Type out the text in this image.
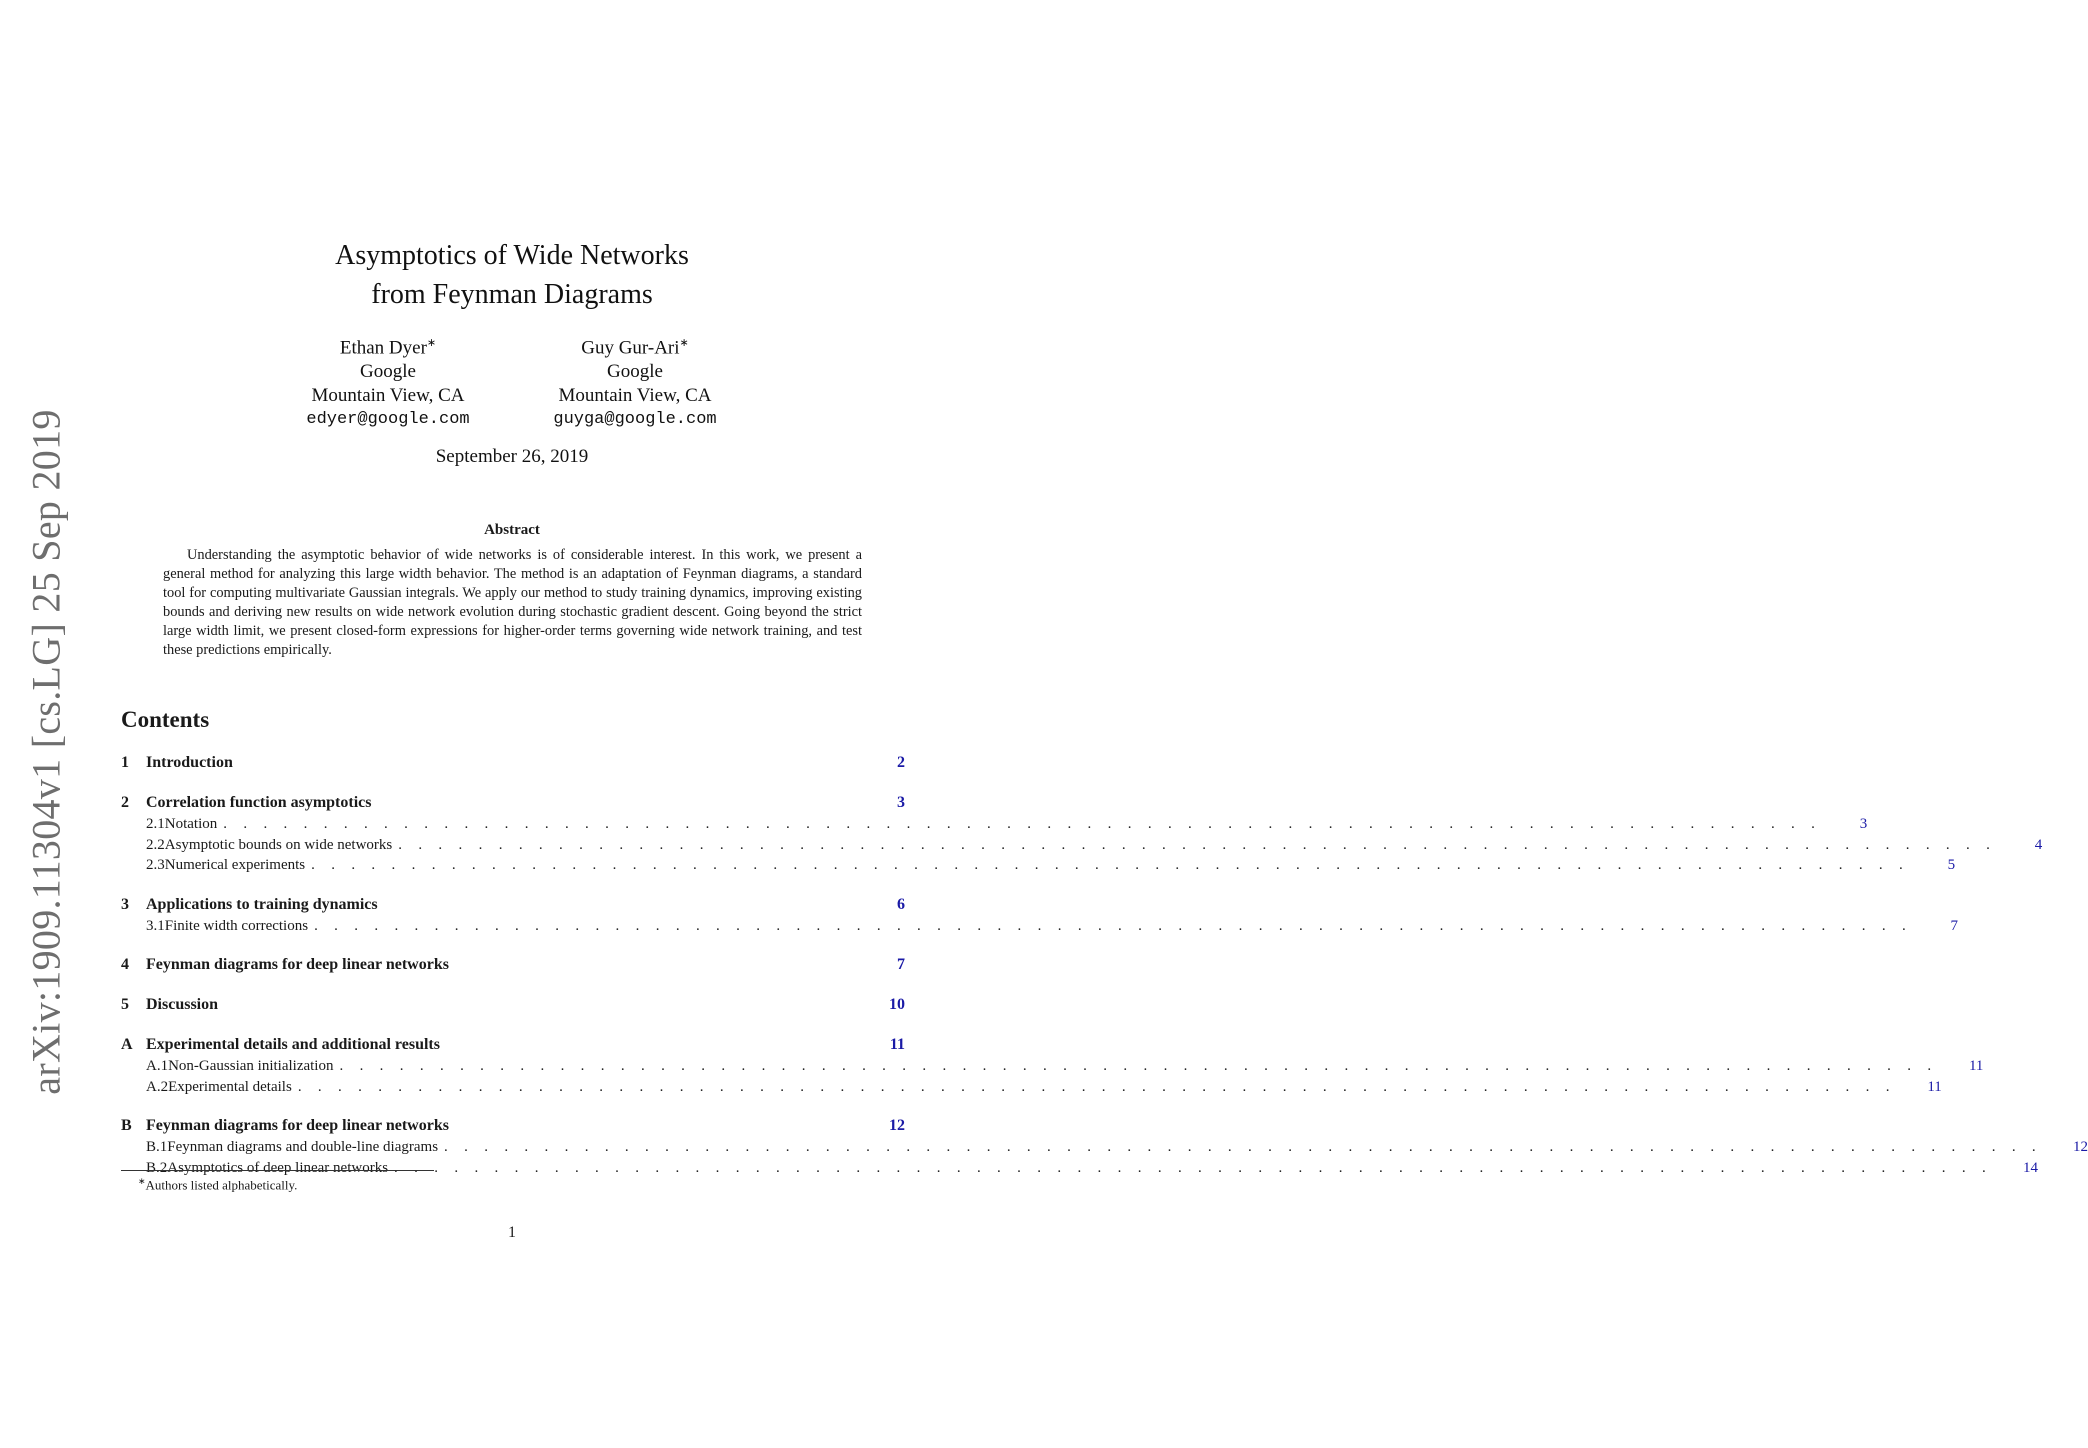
arXiv:1909.11304v1 [cs.LG] 25 Sep 2019
Asymptotics of Wide Networks
from Feynman Diagrams
Ethan Dyer∗
Google
Mountain View, CA
edyer@google.com
Guy Gur-Ari∗
Google
Mountain View, CA
guyga@google.com
September 26, 2019
Abstract
Understanding the asymptotic behavior of wide networks is of considerable interest. In this work, we present a general method for analyzing this large width behavior. The method is an adaptation of Feynman diagrams, a standard tool for computing multivariate Gaussian integrals. We apply our method to study training dynamics, improving existing bounds and deriving new results on wide network evolution during stochastic gradient descent. Going beyond the strict large width limit, we present closed-form expressions for higher-order terms governing wide network training, and test these predictions empirically.
Contents
1	Introduction	2
2	Correlation function asymptotics	3
2.1 Notation . . . . . . . . . . . . . . . . . . . . . . . . . . . . . . . . . . . . . . . . . . . . . . . . . . . . . . . . . . . . . . . . . . . . . . . . . . . . . . . .	3
2.2 Asymptotic bounds on wide networks . . . . . . . . . . . . . . . . . . . . . . . . . . . . . . . . . . . . . . . . . . . . . . . . . . . . . . . . . . . . . . . . . . . . . . . . . . . . . . . .	4
2.3 Numerical experiments . . . . . . . . . . . . . . . . . . . . . . . . . . . . . . . . . . . . . . . . . . . . . . . . . . . . . . . . . . . . . . . . . . . . . . . . . . . . . . . .	5
3	Applications to training dynamics	6
3.1 Finite width corrections . . . . . . . . . . . . . . . . . . . . . . . . . . . . . . . . . . . . . . . . . . . . . . . . . . . . . . . . . . . . . . . . . . . . . . . . . . . . . . . .	7
4	Feynman diagrams for deep linear networks	7
5	Discussion	10
A Experimental details and additional results	11
A.1 Non-Gaussian initialization . . . . . . . . . . . . . . . . . . . . . . . . . . . . . . . . . . . . . . . . . . . . . . . . . . . . . . . . . . . . . . . . . . . . . . . . . . . . . . . .	11
A.2 Experimental details . . . . . . . . . . . . . . . . . . . . . . . . . . . . . . . . . . . . . . . . . . . . . . . . . . . . . . . . . . . . . . . . . . . . . . . . . . . . . . . .	11
B Feynman diagrams for deep linear networks	12
B.1 Feynman diagrams and double-line diagrams . . . . . . . . . . . . . . . . . . . . . . . . . . . . . . . . . . . . . . . . . . . . . . . . . . . . . . . . . . . . . . . . . . . . . . . . . . . . . . . .	12
B.2 Asymptotics of deep linear networks . . . . . . . . . . . . . . . . . . . . . . . . . . . . . . . . . . . . . . . . . . . . . . . . . . . . . . . . . . . . . . . . . . . . . . . . . . . . . . . .	14
∗Authors listed alphabetically.
1
